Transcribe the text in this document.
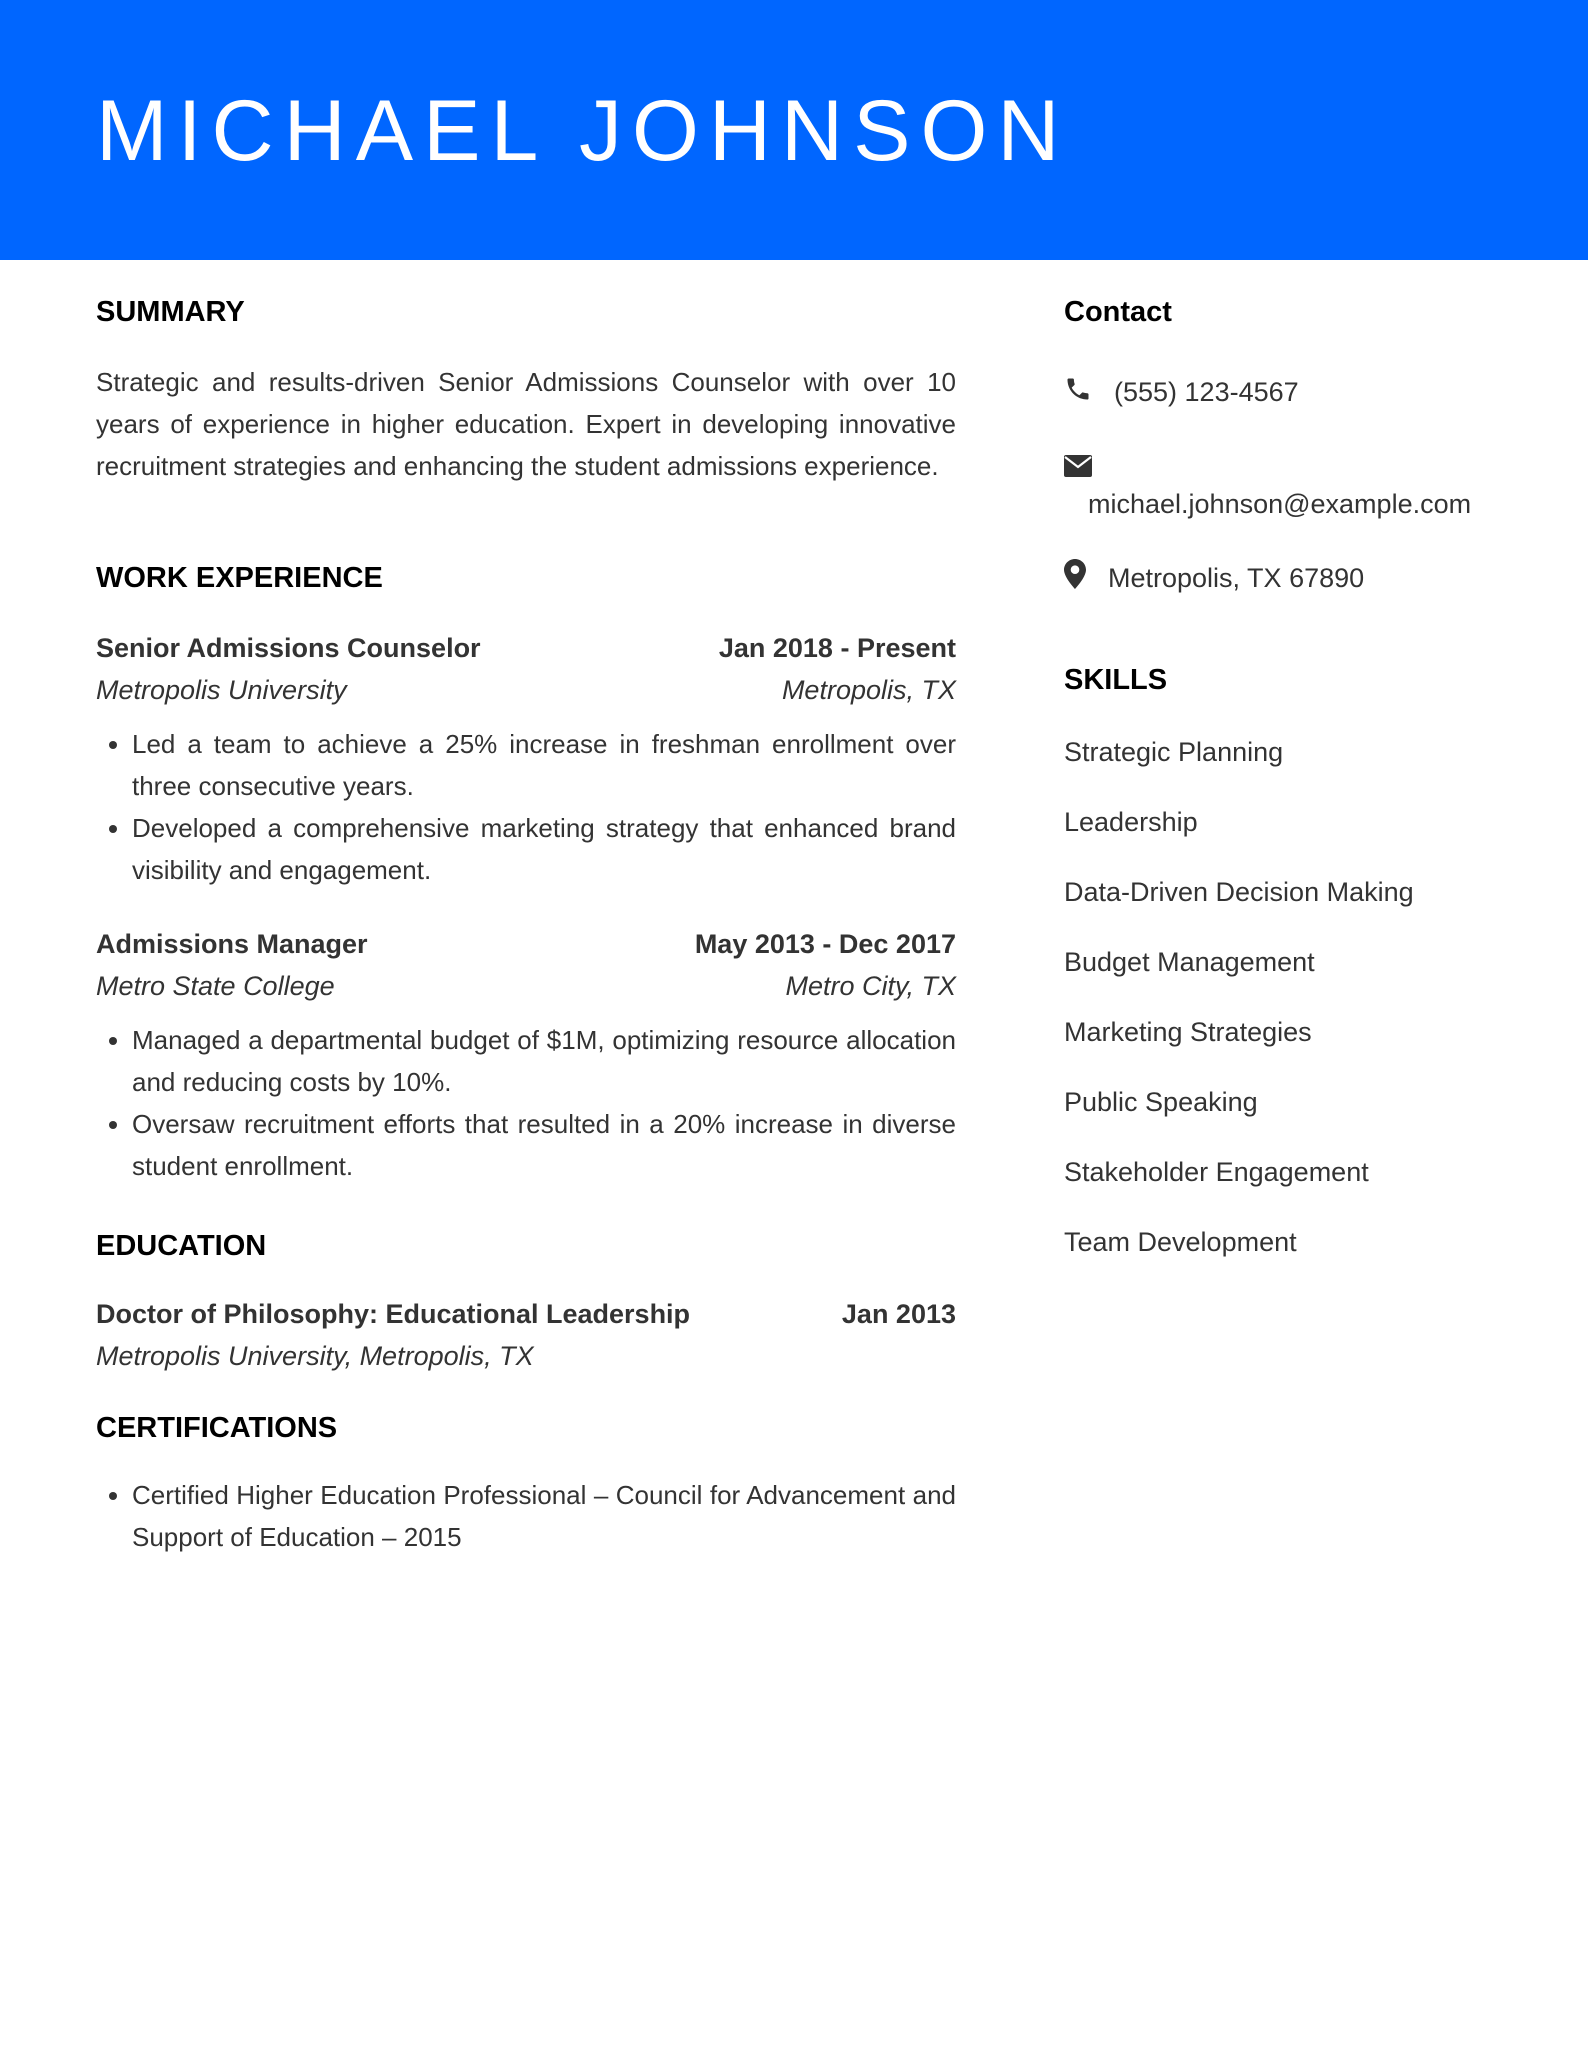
MICHAEL JOHNSON
SUMMARY

Strategic and results-driven Senior Admissions Counselor with over 10 years of experience in higher education. Expert in developing innovative recruitment strategies and enhancing the student admissions experience.

WORK EXPERIENCE
Senior Admissions Counselor	Jan 2018 - Present
Metropolis University	Metropolis, TX
• Led a team to achieve a 25% increase in freshman enrollment over three consecutive years.
• Developed a comprehensive marketing strategy that enhanced brand visibility and engagement.
Admissions Manager	May 2013 - Dec 2017
Metro State College	Metro City, TX
• Managed a departmental budget of $1M, optimizing resource allocation and reducing costs by 10%.
• Oversaw recruitment efforts that resulted in a 20% increase in diverse student enrollment.
EDUCATION
Doctor of Philosophy: Educational Leadership	Jan 2013
Metropolis University, Metropolis, TX
CERTIFICATIONS
• Certified Higher Education Professional – Council for Advancement and Support of Education – 2015
Contact
(555) 123-4567
michael.johnson@example.com
Metropolis, TX 67890
SKILLS
Strategic Planning
Leadership
Data-Driven Decision Making
Budget Management
Marketing Strategies
Public Speaking
Stakeholder Engagement
Team Development
